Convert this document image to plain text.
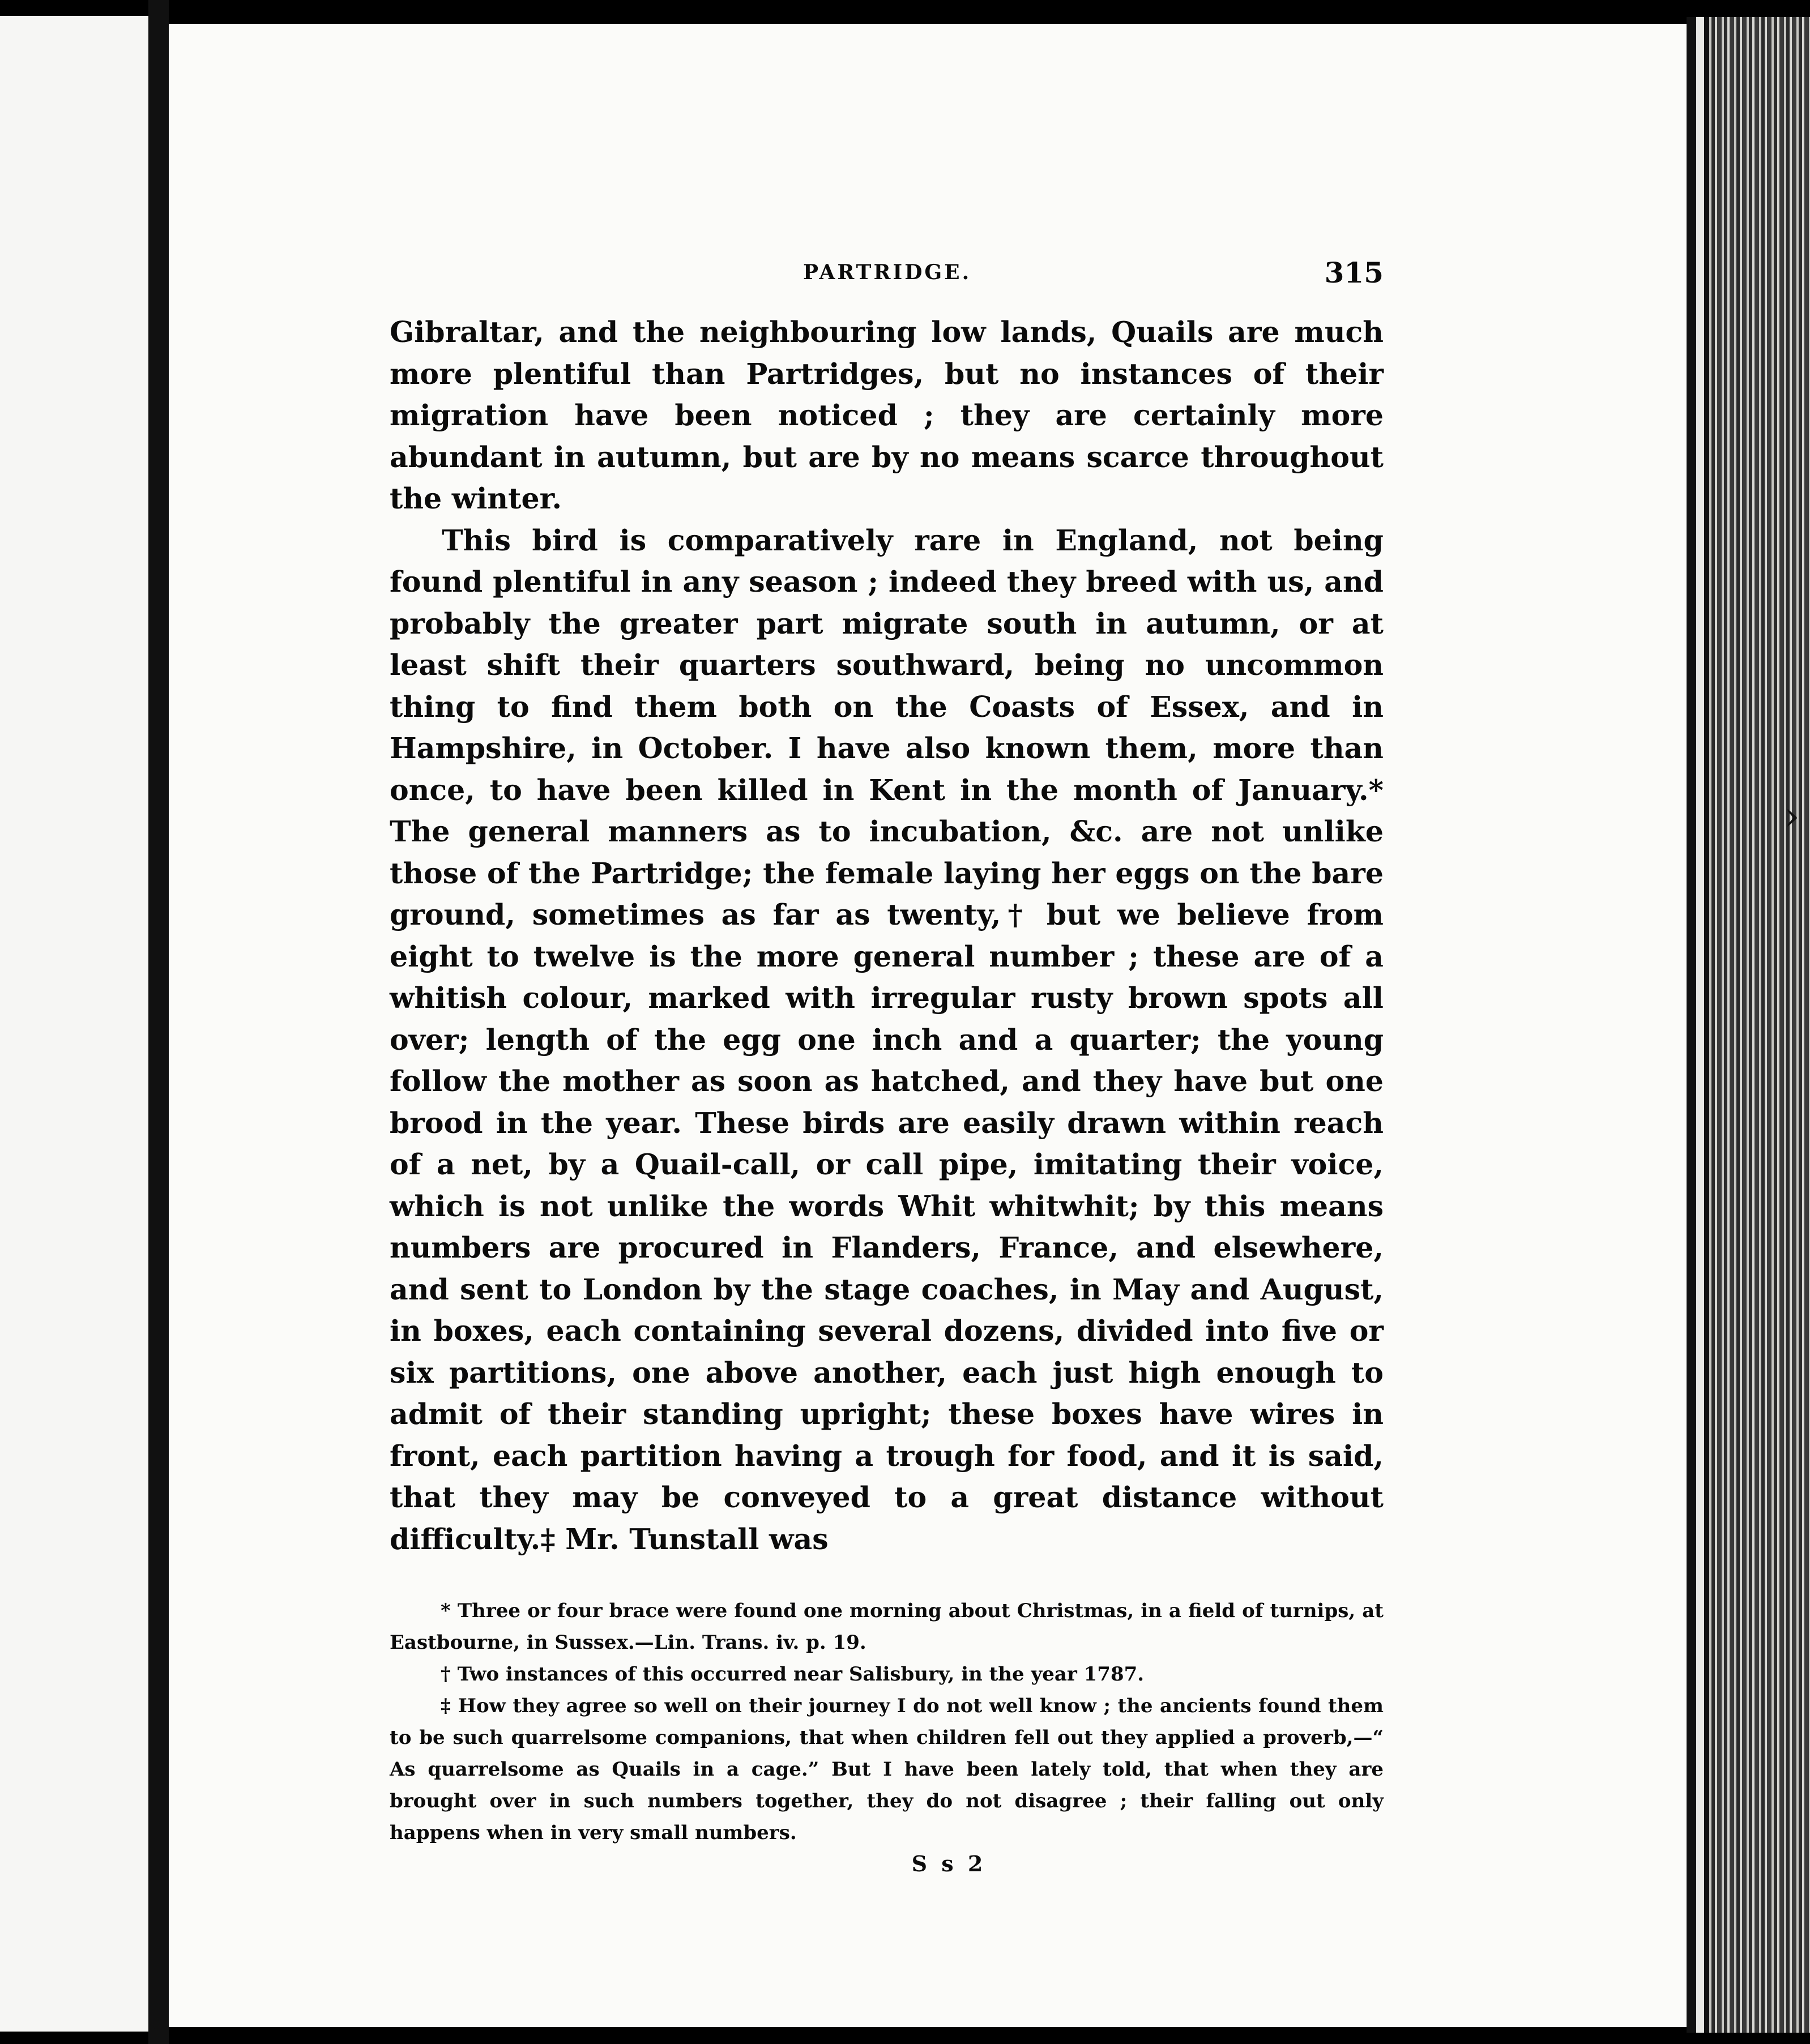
›
PARTRIDGE.	315
Gibraltar, and the neighbouring low lands, Quails are much more plentiful than Partridges, but no instances of their migration have been noticed ; they are certainly more abundant in autumn, but are by no means scarce throughout the winter.
This bird is comparatively rare in England, not being found plentiful in any season ; indeed they breed with us, and probably the greater part migrate south in autumn, or at least shift their quarters southward, being no uncommon thing to find them both on the Coasts of Essex, and in Hampshire, in October. I have also known them, more than once, to have been killed in Kent in the month of January.* The general manners as to incubation, &c. are not unlike those of the Partridge; the female laying her eggs on the bare ground, sometimes as far as twenty,† but we believe from eight to twelve is the more general number ; these are of a whitish colour, marked with irregular rusty brown spots all over; length of the egg one inch and a quarter; the young follow the mother as soon as hatched, and they have but one brood in the year. These birds are easily drawn within reach of a net, by a Quail-call, or call pipe, imitating their voice, which is not unlike the words Whit whitwhit; by this means numbers are procured in Flanders, France, and elsewhere, and sent to London by the stage coaches, in May and August, in boxes, each containing several dozens, divided into five or six partitions, one above another, each just high enough to admit of their standing upright; these boxes have wires in front, each partition having a trough for food, and it is said, that they may be conveyed to a great distance without difficulty.‡ Mr. Tunstall was
* Three or four brace were found one morning about Christmas, in a field of turnips, at Eastbourne, in Sussex.—Lin. Trans. iv. p. 19.
† Two instances of this occurred near Salisbury, in the year 1787.
‡ How they agree so well on their journey I do not well know ; the ancients found them to be such quarrelsome companions, that when children fell out they applied a proverb,—“ As quarrelsome as Quails in a cage.” But I have been lately told, that when they are brought over in such numbers together, they do not disagree ; their falling out only happens when in very small numbers.
S s 2
